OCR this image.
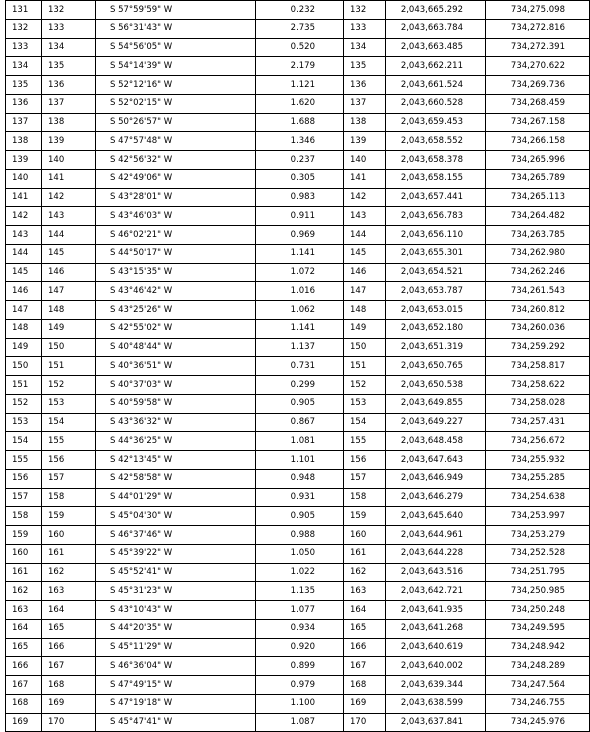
131	132	S 57°59'59" W	0.232	132	2,043,665.292	734,275.098
132	133	S 56°31'43" W	2.735	133	2,043,663.784	734,272.816
133	134	S 54°56'05" W	0.520	134	2,043,663.485	734,272.391
134	135	S 54°14'39" W	2.179	135	2,043,662.211	734,270.622
135	136	S 52°12'16" W	1.121	136	2,043,661.524	734,269.736
136	137	S 52°02'15" W	1.620	137	2,043,660.528	734,268.459
137	138	S 50°26'57" W	1.688	138	2,043,659.453	734,267.158
138	139	S 47°57'48" W	1.346	139	2,043,658.552	734,266.158
139	140	S 42°56'32" W	0.237	140	2,043,658.378	734,265.996
140	141	S 42°49'06" W	0.305	141	2,043,658.155	734,265.789
141	142	S 43°28'01" W	0.983	142	2,043,657.441	734,265.113
142	143	S 43°46'03" W	0.911	143	2,043,656.783	734,264.482
143	144	S 46°02'21" W	0.969	144	2,043,656.110	734,263.785
144	145	S 44°50'17" W	1.141	145	2,043,655.301	734,262.980
145	146	S 43°15'35" W	1.072	146	2,043,654.521	734,262.246
146	147	S 43°46'42" W	1.016	147	2,043,653.787	734,261.543
147	148	S 43°25'26" W	1.062	148	2,043,653.015	734,260.812
148	149	S 42°55'02" W	1.141	149	2,043,652.180	734,260.036
149	150	S 40°48'44" W	1.137	150	2,043,651.319	734,259.292
150	151	S 40°36'51" W	0.731	151	2,043,650.765	734,258.817
151	152	S 40°37'03" W	0.299	152	2,043,650.538	734,258.622
152	153	S 40°59'58" W	0.905	153	2,043,649.855	734,258.028
153	154	S 43°36'32" W	0.867	154	2,043,649.227	734,257.431
154	155	S 44°36'25" W	1.081	155	2,043,648.458	734,256.672
155	156	S 42°13'45" W	1.101	156	2,043,647.643	734,255.932
156	157	S 42°58'58" W	0.948	157	2,043,646.949	734,255.285
157	158	S 44°01'29" W	0.931	158	2,043,646.279	734,254.638
158	159	S 45°04'30" W	0.905	159	2,043,645.640	734,253.997
159	160	S 46°37'46" W	0.988	160	2,043,644.961	734,253.279
160	161	S 45°39'22" W	1.050	161	2,043,644.228	734,252.528
161	162	S 45°52'41" W	1.022	162	2,043,643.516	734,251.795
162	163	S 45°31'23" W	1.135	163	2,043,642.721	734,250.985
163	164	S 43°10'43" W	1.077	164	2,043,641.935	734,250.248
164	165	S 44°20'35" W	0.934	165	2,043,641.268	734,249.595
165	166	S 45°11'29" W	0.920	166	2,043,640.619	734,248.942
166	167	S 46°36'04" W	0.899	167	2,043,640.002	734,248.289
167	168	S 47°49'15" W	0.979	168	2,043,639.344	734,247.564
168	169	S 47°19'18" W	1.100	169	2,043,638.599	734,246.755
169	170	S 45°47'41" W	1.087	170	2,043,637.841	734,245.976
